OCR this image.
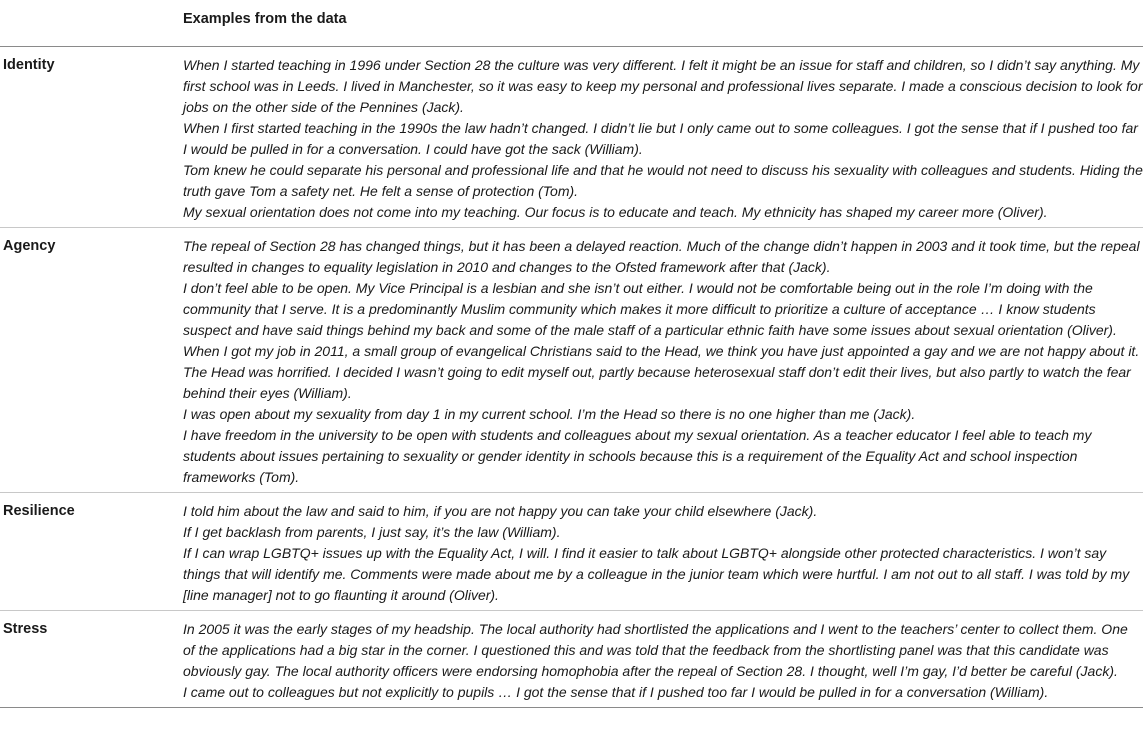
Examples from the data
Identity	When I started teaching in 1996 under Section 28 the culture was very different. I felt it might be an issue for staff and children, so I didn’t say anything. My first school was in Leeds. I lived in Manchester, so it was easy to keep my personal and professional lives separate. I made a conscious decision to look for jobs on the other side of the Pennines (Jack).

When I first started teaching in the 1990s the law hadn’t changed. I didn’t lie but I only came out to some colleagues. I got the sense that if I pushed too far I would be pulled in for a conversation. I could have got the sack (William).

Tom knew he could separate his personal and professional life and that he would not need to discuss his sexuality with colleagues and students. Hiding the truth gave Tom a safety net. He felt a sense of protection (Tom).

My sexual orientation does not come into my teaching. Our focus is to educate and teach. My ethnicity has shaped my career more (Oliver).

Agency	The repeal of Section 28 has changed things, but it has been a delayed reaction. Much of the change didn’t happen in 2003 and it took time, but the repeal resulted in changes to equality legislation in 2010 and changes to the Ofsted framework after that (Jack).

I don’t feel able to be open. My Vice Principal is a lesbian and she isn’t out either. I would not be comfortable being out in the role I’m doing with the community that I serve. It is a predominantly Muslim community which makes it more difficult to prioritize a culture of acceptance … I know students suspect and have said things behind my back and some of the male staff of a particular ethnic faith have some issues about sexual orientation (Oliver).

When I got my job in 2011, a small group of evangelical Christians said to the Head, we think you have just appointed a gay and we are not happy about it. The Head was horrified. I decided I wasn’t going to edit myself out, partly because heterosexual staff don’t edit their lives, but also partly to watch the fear behind their eyes (William).

I was open about my sexuality from day 1 in my current school. I’m the Head so there is no one higher than me (Jack).

I have freedom in the university to be open with students and colleagues about my sexual orientation. As a teacher educator I feel able to teach my students about issues pertaining to sexuality or gender identity in schools because this is a requirement of the Equality Act and school inspection frameworks (Tom).

Resilience	I told him about the law and said to him, if you are not happy you can take your child elsewhere (Jack).

If I get backlash from parents, I just say, it’s the law (William).

If I can wrap LGBTQ+ issues up with the Equality Act, I will. I find it easier to talk about LGBTQ+ alongside other protected characteristics. I won’t say things that will identify me. Comments were made about me by a colleague in the junior team which were hurtful. I am not out to all staff. I was told by my [line manager] not to go flaunting it around (Oliver).

Stress	In 2005 it was the early stages of my headship. The local authority had shortlisted the applications and I went to the teachers’ center to collect them. One of the applications had a big star in the corner. I questioned this and was told that the feedback from the shortlisting panel was that this candidate was obviously gay. The local authority officers were endorsing homophobia after the repeal of Section 28. I thought, well I’m gay, I’d better be careful (Jack).

I came out to colleagues but not explicitly to pupils … I got the sense that if I pushed too far I would be pulled in for a conversation (William).
